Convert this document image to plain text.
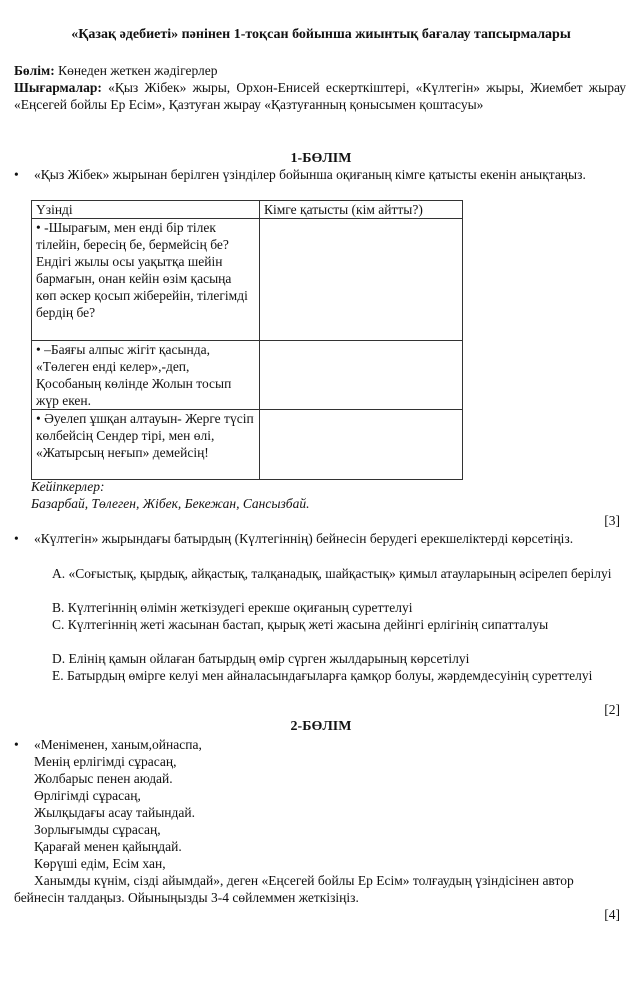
«Қазақ әдебиеті» пәнінен 1-тоқсан бойынша жиынтық бағалау тапсырмалары
Бөлім: Көнеден жеткен жәдігерлер
Шығармалар: «Қыз Жібек» жыры, Орхон-Енисей ескерткіштері, «Күлтегін» жыры, Жиембет жырау «Еңсегей бойлы Ер Есім», Қазтуған жырау «Қазтуғанның қонысымен қоштасуы»
1-БӨЛІМ
• «Қыз Жібек» жырынан берілген үзінділер бойынша оқиғаның кімге қатысты екенін анықтаңыз.
Үзінді	Кімге қатысты (кім айтты?)
• -Шырағым, мен енді бір тілек тілейін, бересің бе, бермейсің бе? Ендігі жылы осы уақытқа шейін бармағын, онан кейін өзім қасыңа көп әскер қосып жіберейін, тілегімді бердің бе?	
• –Баяғы алпыс жігіт қасында, «Төлеген енді келер»,-деп, Қособаның көлінде Жолын тосып жүр екен.	
• Әуелеп ұшқан алтауын- Жерге түсіп көлбейсің Сендер тірі, мен өлі, «Жатырсың неғып» демейсің!	
Кейіпкерлер:
Базарбай, Төлеген, Жібек, Бекежан, Сансызбай.
[3]
• «Күлтегін» жырындағы батырдың (Күлтегіннің) бейнесін берудегі ерекшеліктерді көрсетіңіз.
A. «Соғыстық, қырдық, айқастық, талқанадық, шайқастық» қимыл атауларының әсірелеп берілуі
B. Күлтегіннің өлімін жеткізудегі ерекше оқиғаның суреттелуі
C. Күлтегіннің жеті жасынан бастап, қырық жеті жасына дейінгі ерлігінің сипатталуы
D. Елінің қамын ойлаған батырдың өмір сүрген жылдарының көрсетілуі
E. Батырдың өмірге келуі мен айналасындағыларға қамқор болуы, жәрдемдесуінің суреттелуі
[2]
2-БӨЛІМ
• «Меніменен, ханым,ойнаспа,
Менің ерлігімді сұрасаң,
Жолбарыс пенен аюдай.
Өрлігімді сұрасаң,
Жылқыдағы асау тайындай.
Зорлығымды сұрасаң,
Қарағай менен қайыңдай.
Көрүші едім, Есім хан,
Ханымды күнім, сізді айымдай», деген «Еңсегей бойлы Ер Есім» толғаудың үзіндісінен автор бейнесін талдаңыз. Ойыныңызды 3-4 сөйлеммен жеткізіңіз.
[4]
